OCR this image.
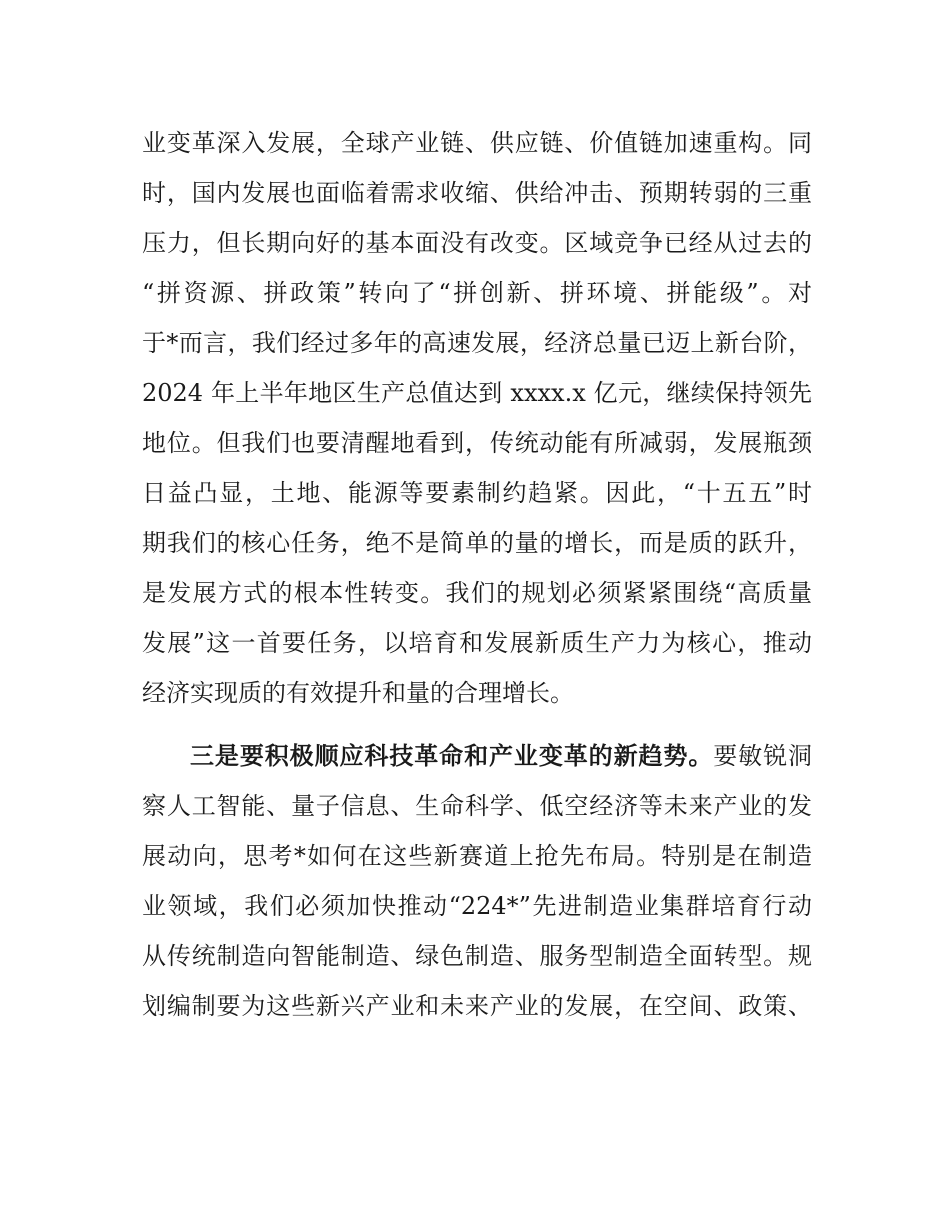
业变革深入发展，全球产业链、供应链、价值链加速重构。同
时，国内发展也面临着需求收缩、供给冲击、预期转弱的三重
压力，但长期向好的基本面没有改变。区域竞争已经从过去的
“拼资源、拼政策”转向了“拼创新、拼环境、拼能级”。对
于*而言，我们经过多年的高速发展，经济总量已迈上新台阶，
2024 年上半年地区生产总值达到 xxxx.x 亿元，继续保持领先
地位。但我们也要清醒地看到，传统动能有所减弱，发展瓶颈
日益凸显，土地、能源等要素制约趋紧。因此，“十五五”时
期我们的核心任务，绝不是简单的量的增长，而是质的跃升，
是发展方式的根本性转变。我们的规划必须紧紧围绕“高质量
发展”这一首要任务，以培育和发展新质生产力为核心，推动
经济实现质的有效提升和量的合理增长。
三是要积极顺应科技革命和产业变革的新趋势。要敏锐洞
察人工智能、量子信息、生命科学、低空经济等未来产业的发
展动向，思考*如何在这些新赛道上抢先布局。特别是在制造
业领域，我们必须加快推动“224*”先进制造业集群培育行动
从传统制造向智能制造、绿色制造、服务型制造全面转型。规
划编制要为这些新兴产业和未来产业的发展，在空间、政策、
